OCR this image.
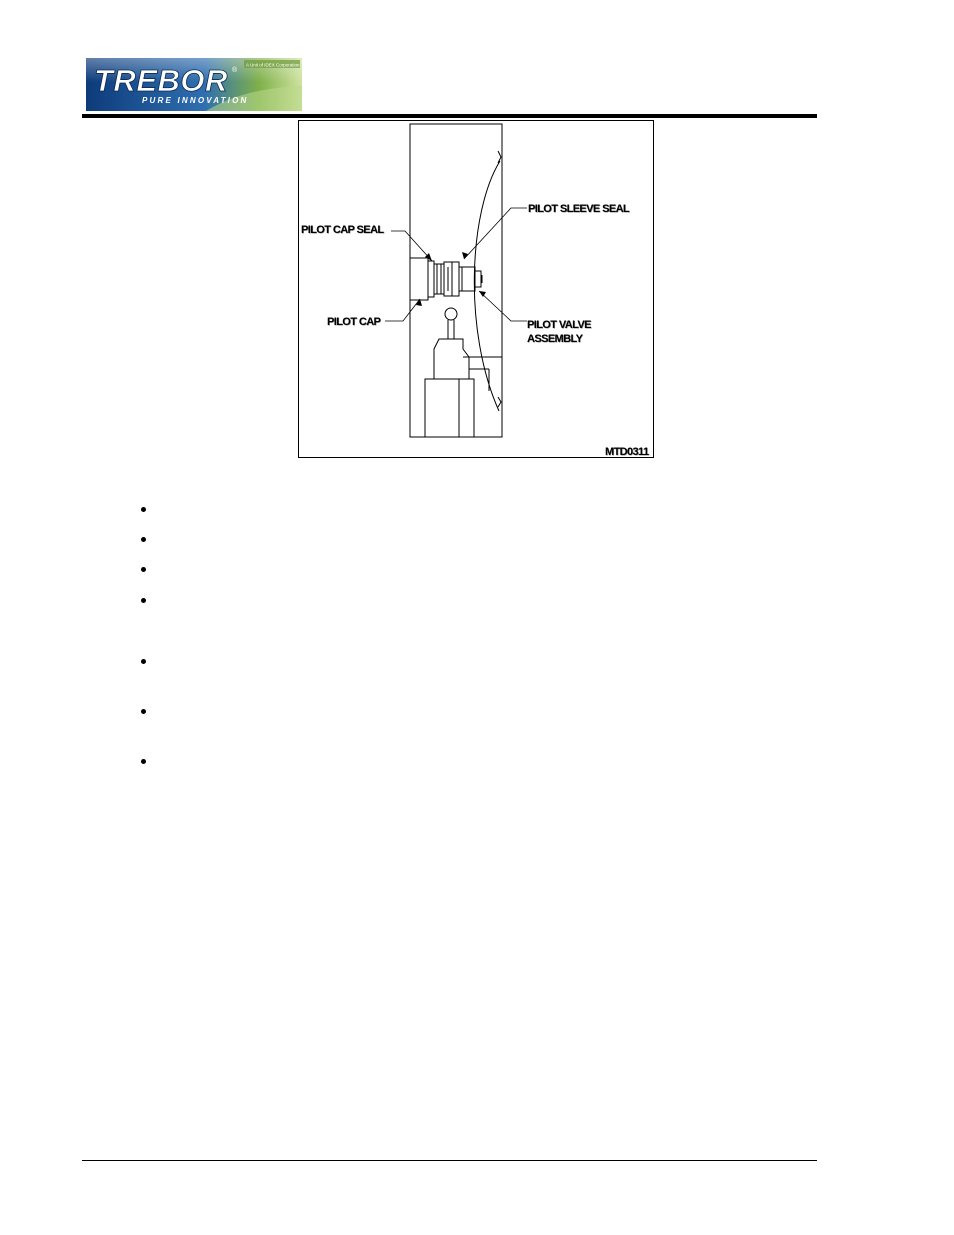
A Unit of IDEX Corporation
TREBOR ®
PURE INNOVATION
PILOT CAP SEAL
PILOT SLEEVE SEAL
PILOT CAP	PILOT VALVE
ASSEMBLY
MTD0311
